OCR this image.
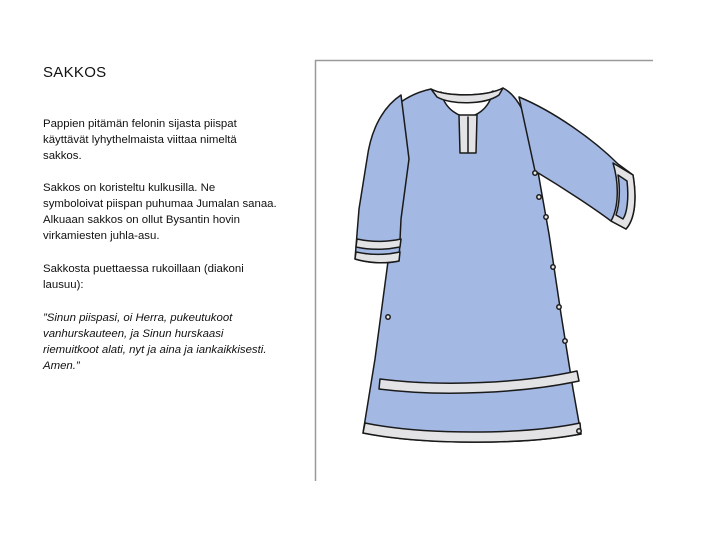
SAKKOS

Pappien pitämän felonin sijasta piispat käyttävät lyhythelmaista viittaa nimeltä sakkos.

Sakkos on koristeltu kulkusilla. Ne symboloivat piispan puhumaa Jumalan sanaa. Alkuaan sakkos on ollut Bysantin hovin virkamiesten juhla-asu.

Sakkosta puettaessa rukoillaan (diakoni lausuu):

”Sinun piispasi, oi Herra, pukeutukoot vanhurskauteen, ja Sinun hurskaasi riemuitkoot alati, nyt ja aina ja iankaikkisesti. Amen.”
